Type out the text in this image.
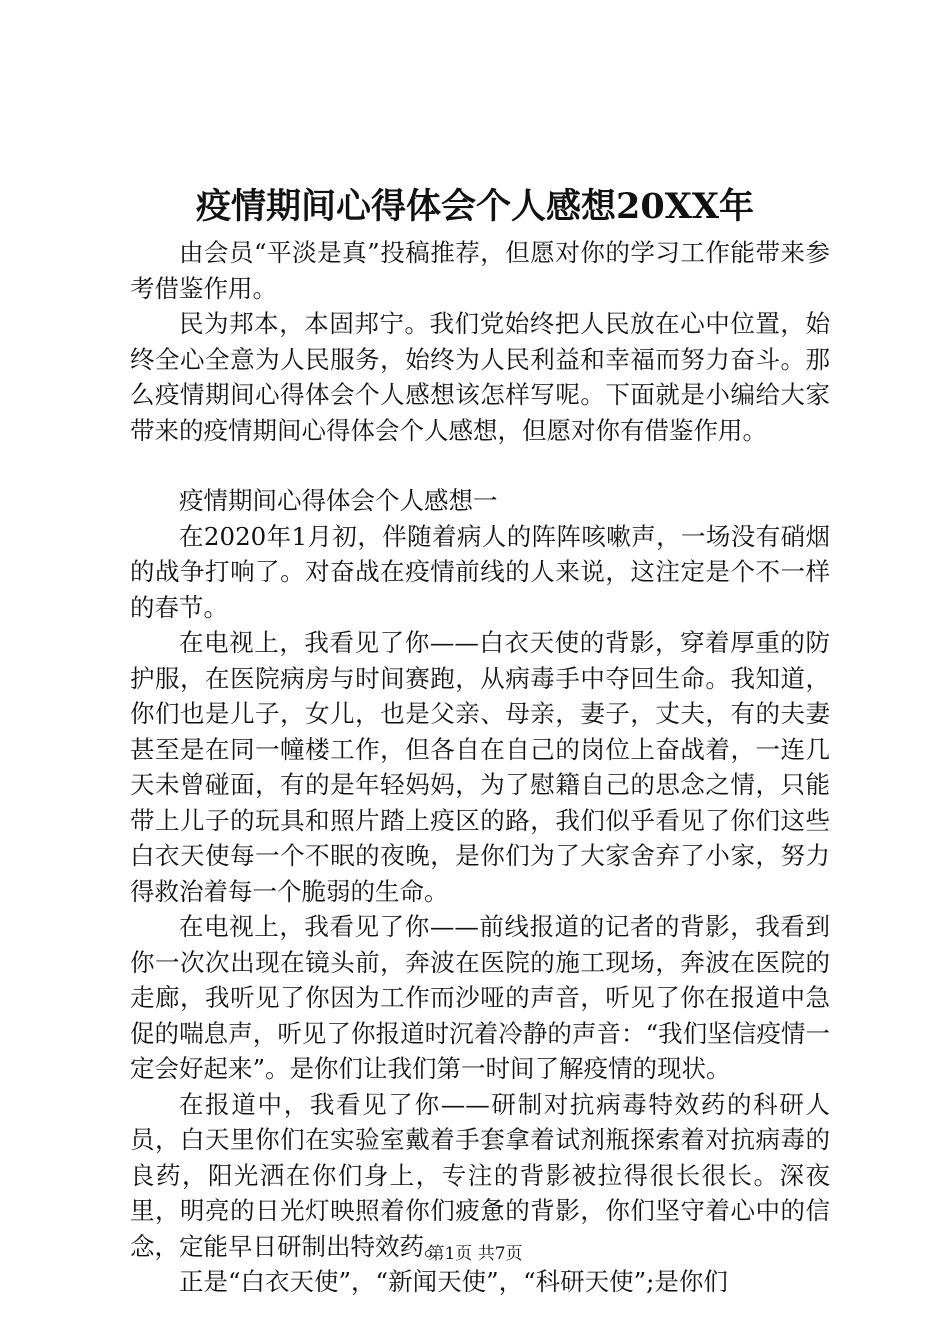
疫情期间心得体会个人感想20XX年

由会员“平淡是真”投稿推荐，但愿对你的学习工作能带来参考借鉴作用。

民为邦本，本固邦宁。我们党始终把人民放在心中位置，始终全心全意为人民服务，始终为人民利益和幸福而努力奋斗。那么疫情期间心得体会个人感想该怎样写呢。下面就是小编给大家带来的疫情期间心得体会个人感想，但愿对你有借鉴作用。

疫情期间心得体会个人感想一

在2020年1月初，伴随着病人的阵阵咳嗽声，一场没有硝烟的战争打响了。对奋战在疫情前线的人来说，这注定是个不一样的春节。

在电视上，我看见了你——白衣天使的背影，穿着厚重的防护服，在医院病房与时间赛跑，从病毒手中夺回生命。我知道，你们也是儿子，女儿，也是父亲、母亲，妻子，丈夫，有的夫妻甚至是在同一幢楼工作，但各自在自己的岗位上奋战着，一连几天未曾碰面，有的是年轻妈妈，为了慰籍自己的思念之情，只能带上儿子的玩具和照片踏上疫区的路，我们似乎看见了你们这些白衣天使每一个不眠的夜晚，是你们为了大家舍弃了小家，努力得救治着每一个脆弱的生命。

在电视上，我看见了你——前线报道的记者的背影，我看到你一次次出现在镜头前，奔波在医院的施工现场，奔波在医院的走廊，我听见了你因为工作而沙哑的声音，听见了你在报道中急促的喘息声，听见了你报道时沉着冷静的声音：“我们坚信疫情一定会好起来”。是你们让我们第一时间了解疫情的现状。

在报道中，我看见了你——研制对抗病毒特效药的科研人员，白天里你们在实验室戴着手套拿着试剂瓶探索着对抗病毒的良药，阳光洒在你们身上，专注的背影被拉得很长很长。深夜里，明亮的日光灯映照着你们疲惫的背影，你们坚守着心中的信念，定能早日研制出特效药。

正是“白衣天使”，“新闻天使”，“科研天使”;是你们

第1页 共7页
